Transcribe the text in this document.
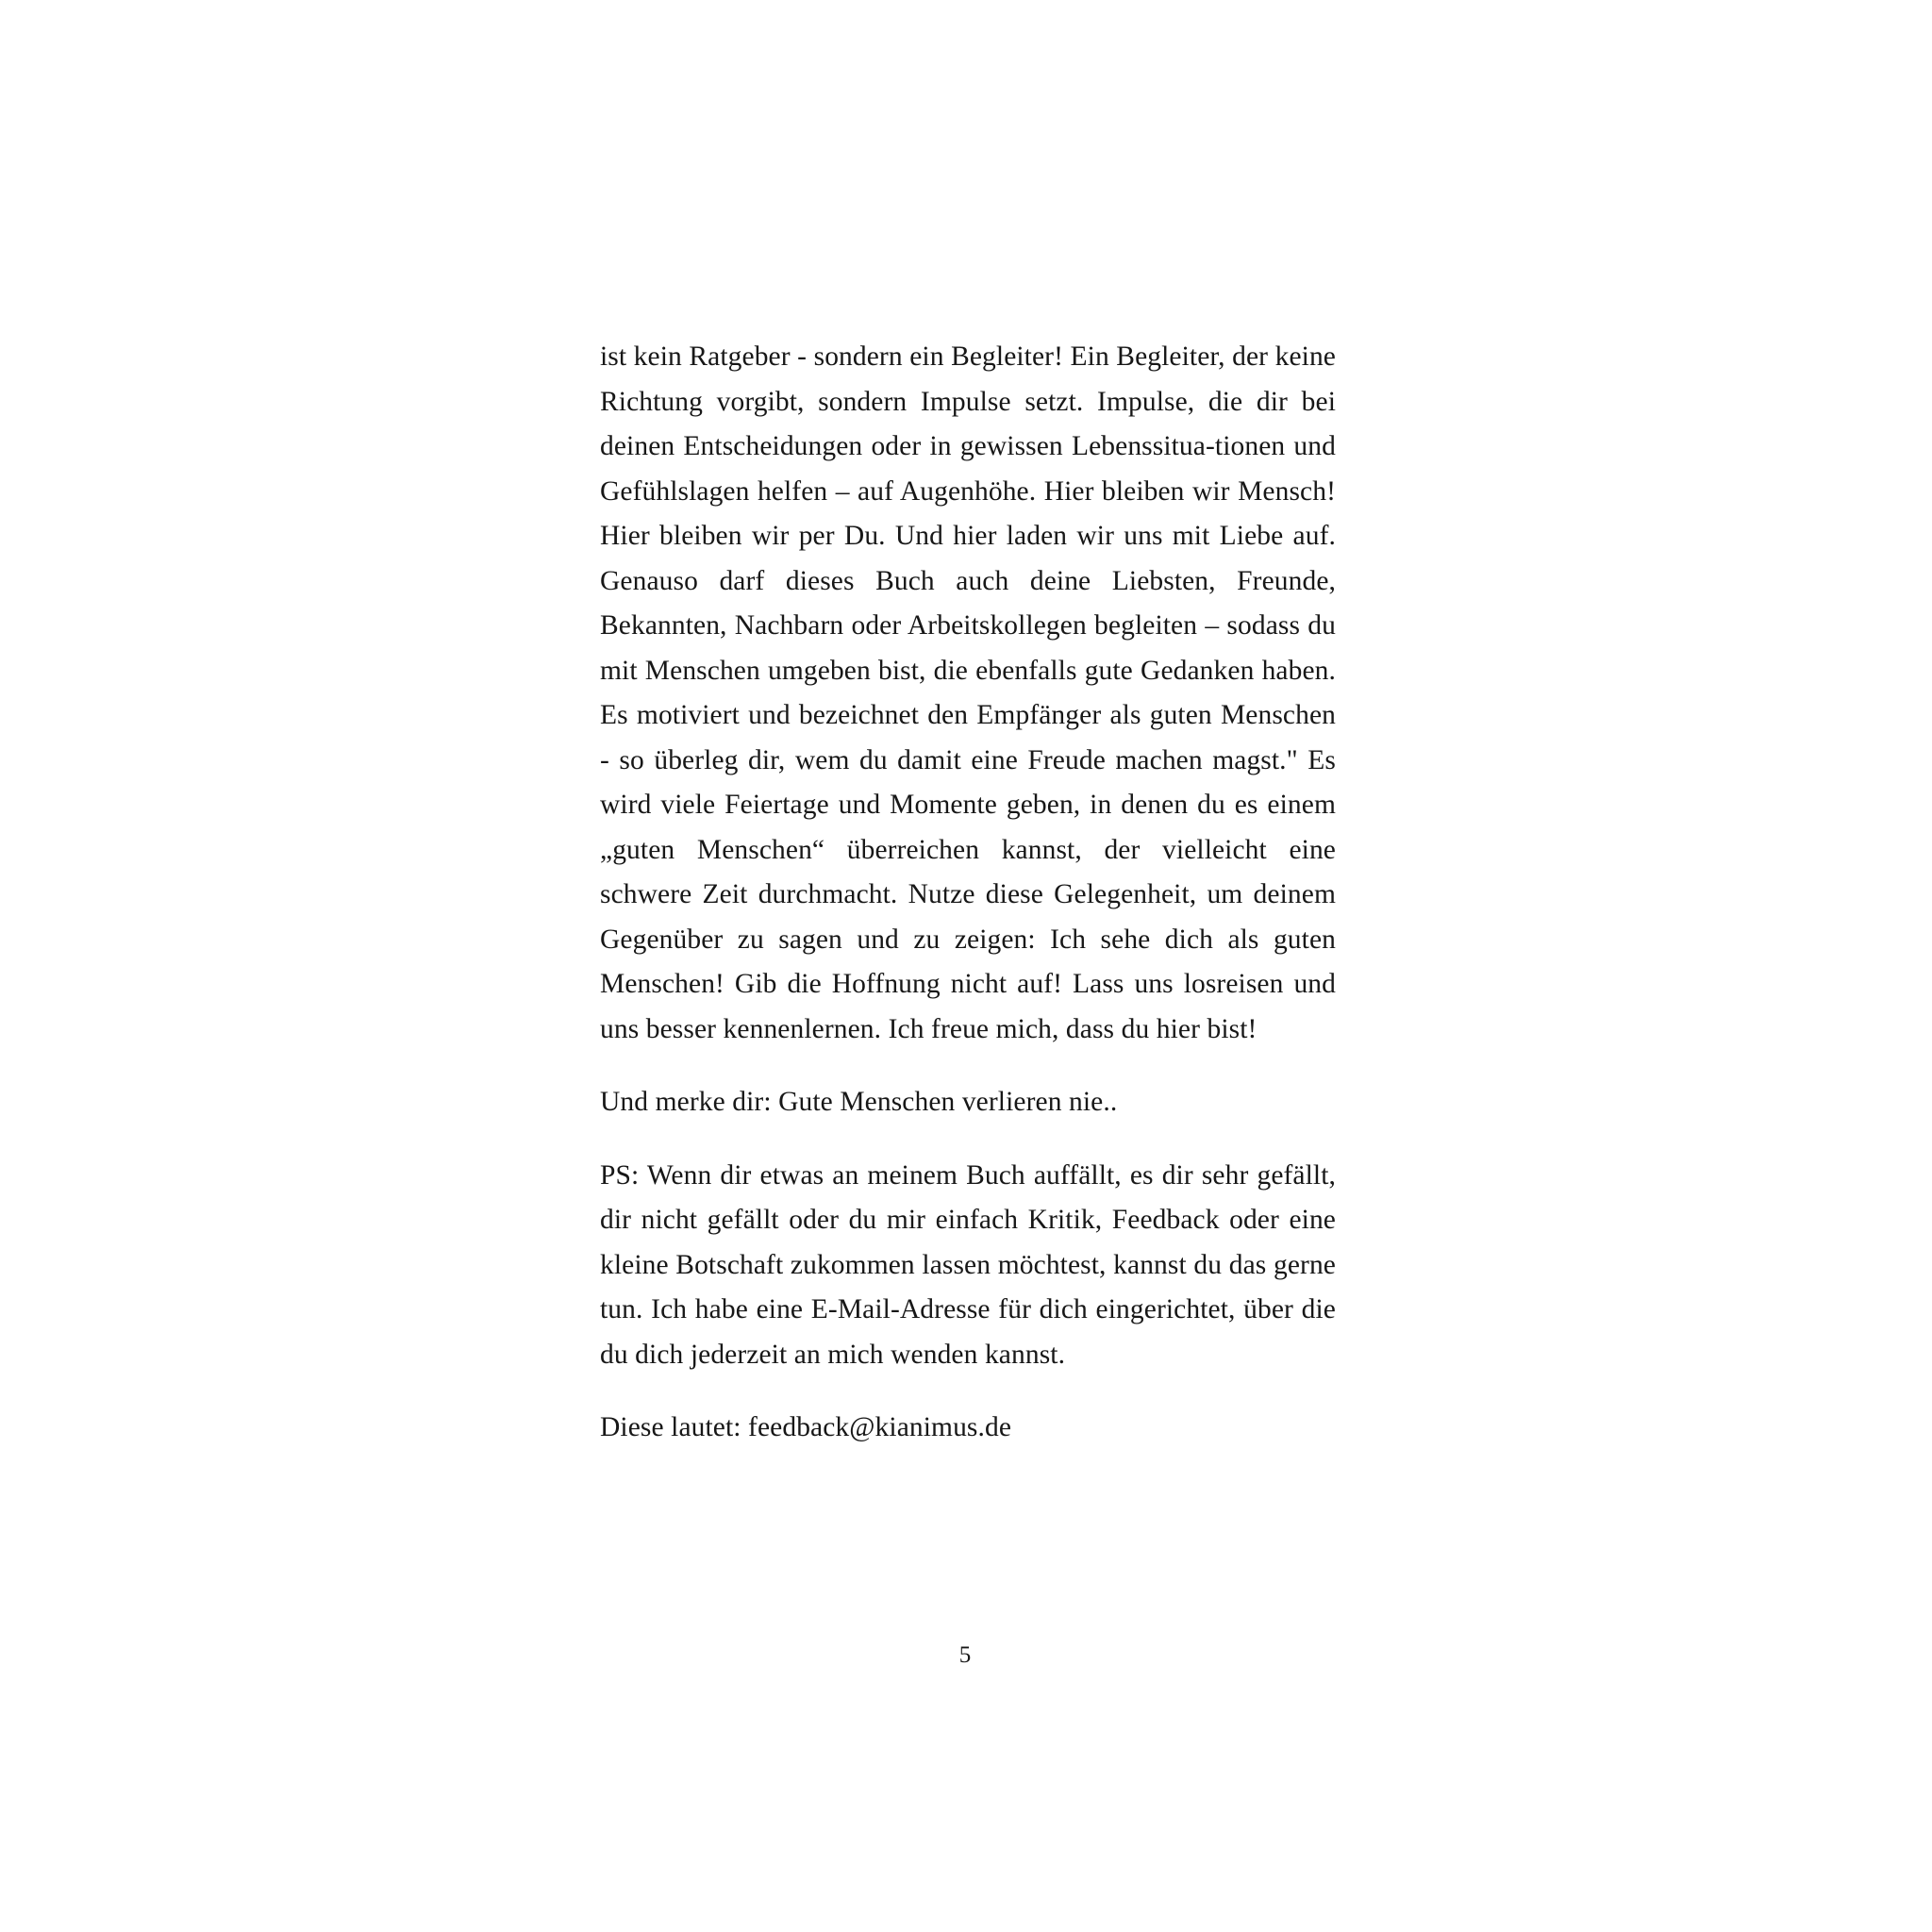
ist kein Ratgeber - sondern ein Begleiter! Ein Begleiter, der keine Richtung vorgibt, sondern Impulse setzt. Impulse, die dir bei deinen Entscheidungen oder in gewissen Lebenssitua-tionen und Gefühlslagen helfen – auf Augenhöhe. Hier bleiben wir Mensch! Hier bleiben wir per Du. Und hier laden wir uns mit Liebe auf. Genauso darf dieses Buch auch deine Liebsten, Freunde, Bekannten, Nachbarn oder Arbeitskollegen begleiten – sodass du mit Menschen umgeben bist, die ebenfalls gute Gedanken haben. Es motiviert und bezeichnet den Empfänger als guten Menschen - so überleg dir, wem du damit eine Freude machen magst." Es wird viele Feiertage und Momente geben, in denen du es einem „guten Menschen“ überreichen kannst, der vielleicht eine schwere Zeit durchmacht. Nutze diese Gelegenheit, um deinem Gegenüber zu sagen und zu zeigen: Ich sehe dich als guten Menschen! Gib die Hoffnung nicht auf! Lass uns losreisen und uns besser kennenlernen. Ich freue mich, dass du hier bist!

Und merke dir: Gute Menschen verlieren nie..

PS: Wenn dir etwas an meinem Buch auffällt, es dir sehr gefällt, dir nicht gefällt oder du mir einfach Kritik, Feedback oder eine kleine Botschaft zukommen lassen möchtest, kannst du das gerne tun. Ich habe eine E-Mail-Adresse für dich eingerichtet, über die du dich jederzeit an mich wenden kannst.

Diese lautet: feedback@kianimus.de

5
